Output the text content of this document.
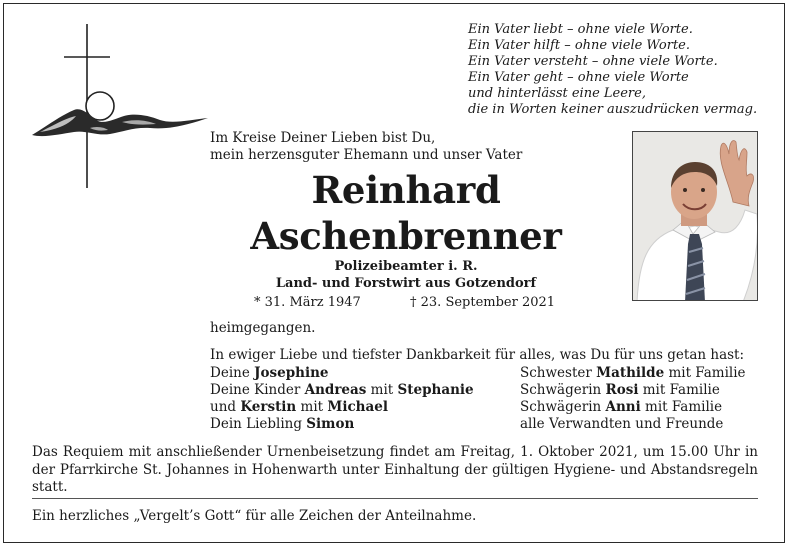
Ein Vater liebt – ohne viele Worte.
Ein Vater hilft – ohne viele Worte.
Ein Vater versteht – ohne viele Worte.
Ein Vater geht – ohne viele Worte
und hinterlässt eine Leere,
die in Worten keiner auszudrücken vermag.
Im Kreise Deiner Lieben bist Du,
mein herzensguter Ehemann und unser Vater
Reinhard
Aschenbrenner
Polizeibeamter i. R.
Land- und Forstwirt aus Gotzendorf
* 31. März 1947	† 23. September 2021
heimgegangen.
In ewiger Liebe und tiefster Dankbarkeit für alles, was Du für uns getan hast:
Deine Josephine
Deine Kinder Andreas mit Stephanie
und Kerstin mit Michael
Dein Liebling Simon
Schwester Mathilde mit Familie
Schwägerin Rosi mit Familie
Schwägerin Anni mit Familie
alle Verwandten und Freunde
Das Requiem mit anschließender Urnenbeisetzung findet am Freitag, 1. Oktober 2021, um 15.00 Uhr in der Pfarrkirche St. Johannes in Hohenwarth unter Einhaltung der gültigen Hygiene- und Abstandsregeln statt.
Ein herzliches „Vergelt’s Gott“ für alle Zeichen der Anteilnahme.
